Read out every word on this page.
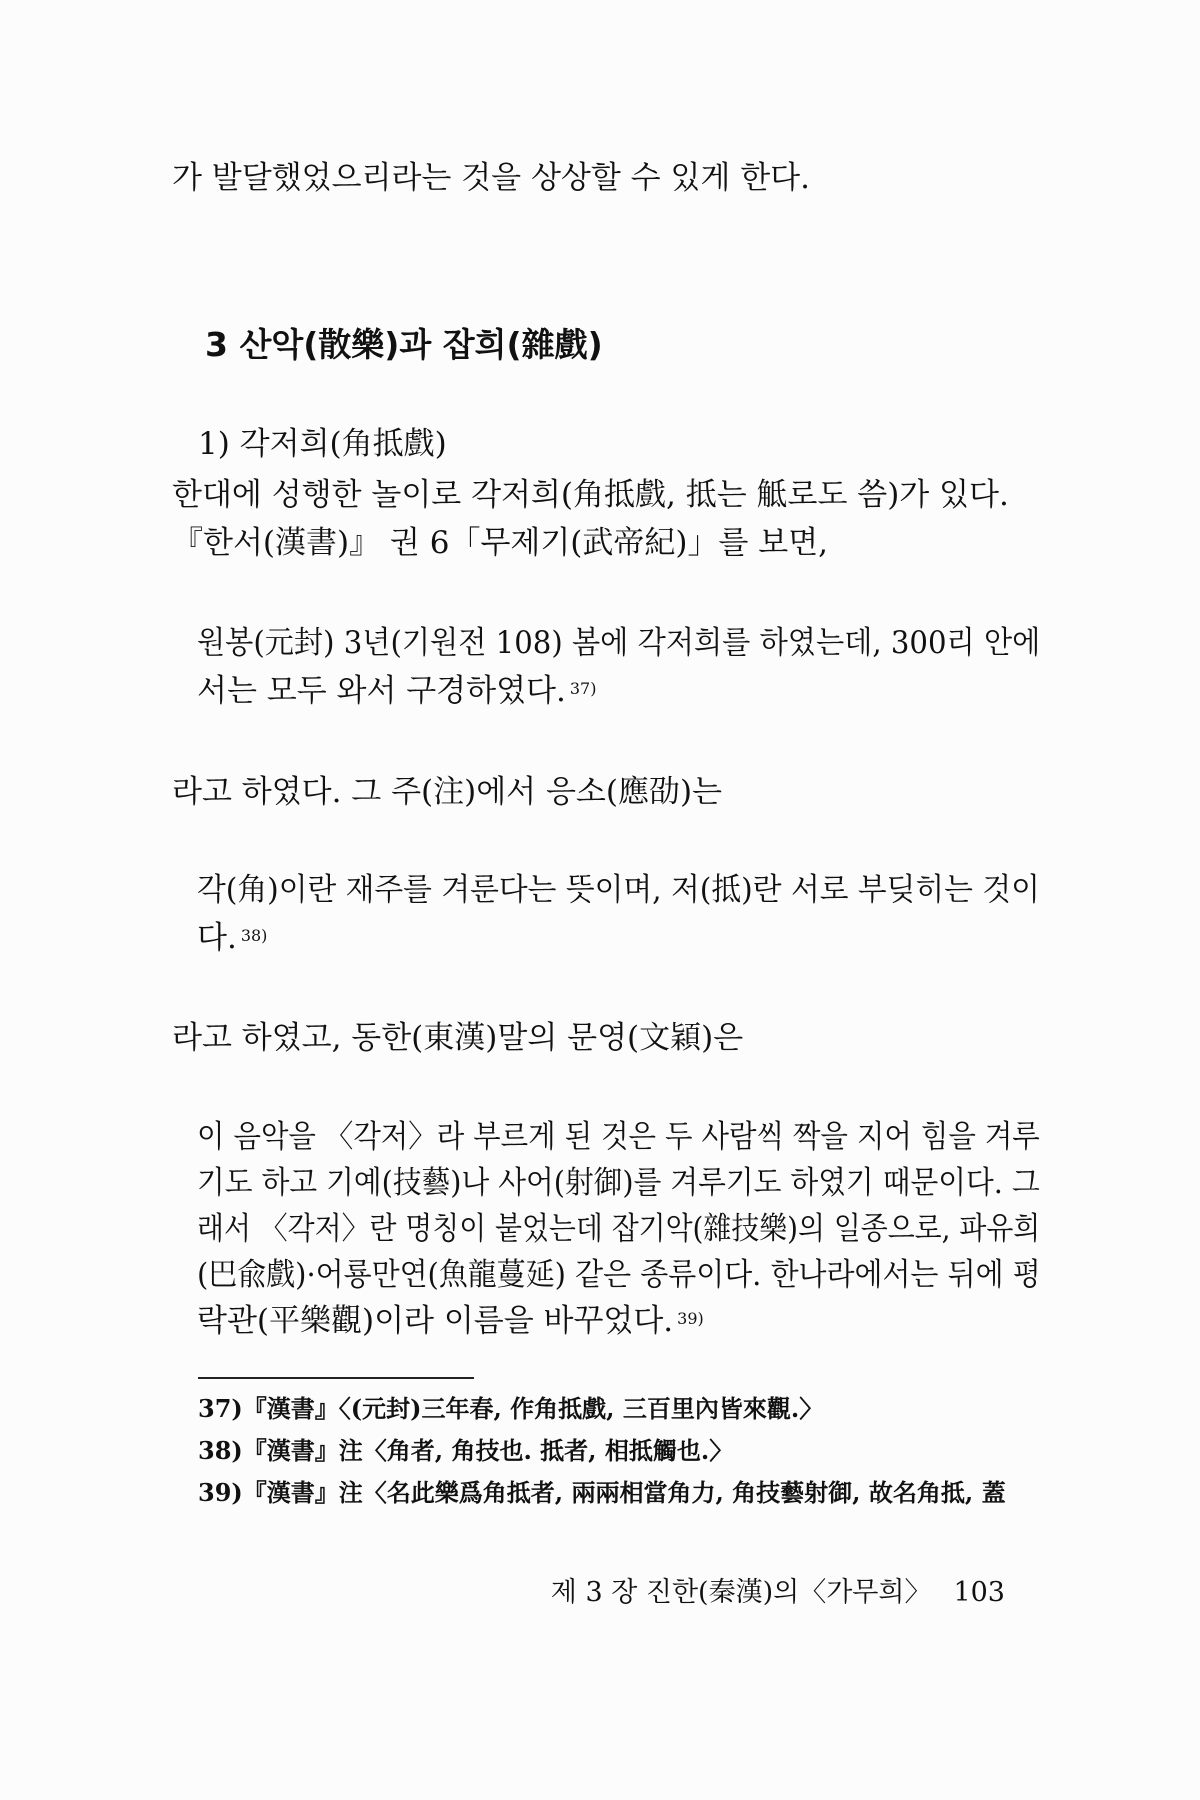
가 발달했었으리라는 것을 상상할 수 있게 한다.
3 산악(散樂)과 잡희(雜戲)
1) 각저희(角抵戲)
한대에 성행한 놀이로 각저희(角抵戲, 抵는 觝로도 씀)가 있다.
『한서(漢書)』 권 6「무제기(武帝紀)」를 보면,
원봉(元封) 3년(기원전 108) 봄에 각저희를 하였는데, 300리 안에
서는 모두 와서 구경하였다. $^{37)}$
라고 하였다. 그 주(注)에서 응소(應劭)는
각(角)이란 재주를 겨룬다는 뜻이며, 저(抵)란 서로 부딪히는 것이
다. $^{38)}$
라고 하였고, 동한(東漢)말의 문영(文穎)은
이 음악을 〈각저〉라 부르게 된 것은 두 사람씩 짝을 지어 힘을 겨루
기도 하고 기예(技藝)나 사어(射御)를 겨루기도 하였기 때문이다. 그
래서 〈각저〉란 명칭이 붙었는데 잡기악(雜技樂)의 일종으로, 파유희
(巴兪戲)·어룡만연(魚龍蔓延) 같은 종류이다. 한나라에서는 뒤에 평
락관(平樂觀)이라 이름을 바꾸었다. $^{39)}$
37)『漢書』〈(元封)三年春, 作角抵戲, 三百里內皆來觀.〉
38)『漢書』注〈角者, 角技也. 抵者, 相抵觸也.〉
39)『漢書』注〈名此樂爲角抵者, 兩兩相當角力, 角技藝射御, 故名角抵, 蓋
제 3 장 진한(秦漢)의〈가무희〉 103
